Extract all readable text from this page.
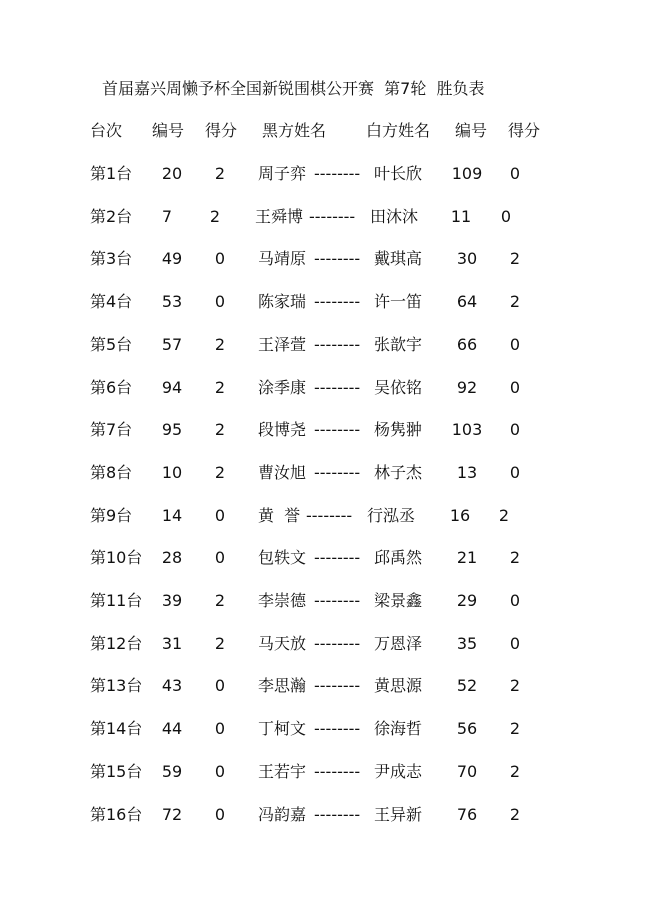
首届嘉兴周懒予杯全国新锐围棋公开赛  第7轮  胜负表
台次 编号 得分 黑方姓名 白方姓名 编号 得分
第1台 20 2 周子弈 -------- 叶长欣 109 0
第2台 7 2 王舜博 -------- 田沐沐 11 0
第3台 49 0 马靖原 -------- 戴琪高 30 2
第4台 53 0 陈家瑞 -------- 许一笛 64 2
第5台 57 2 王泽萱 -------- 张歆宇 66 0
第6台 94 2 涂季康 -------- 吴依铭 92 0
第7台 95 2 段博尧 -------- 杨隽翀 103 0
第8台 10 2 曹汝旭 -------- 林子杰 13 0
第9台 14 0 黄  誉 -------- 行泓丞 16 2
第10台 28 0 包轶文 -------- 邱禹然 21 2
第11台 39 2 李崇德 -------- 梁景鑫 29 0
第12台 31 2 马天放 -------- 万恩泽 35 0
第13台 43 0 李思瀚 -------- 黄思源 52 2
第14台 44 0 丁柯文 -------- 徐海哲 56 2
第15台 59 0 王若宇 -------- 尹成志 70 2
第16台 72 0 冯韵嘉 -------- 王异新 76 2
